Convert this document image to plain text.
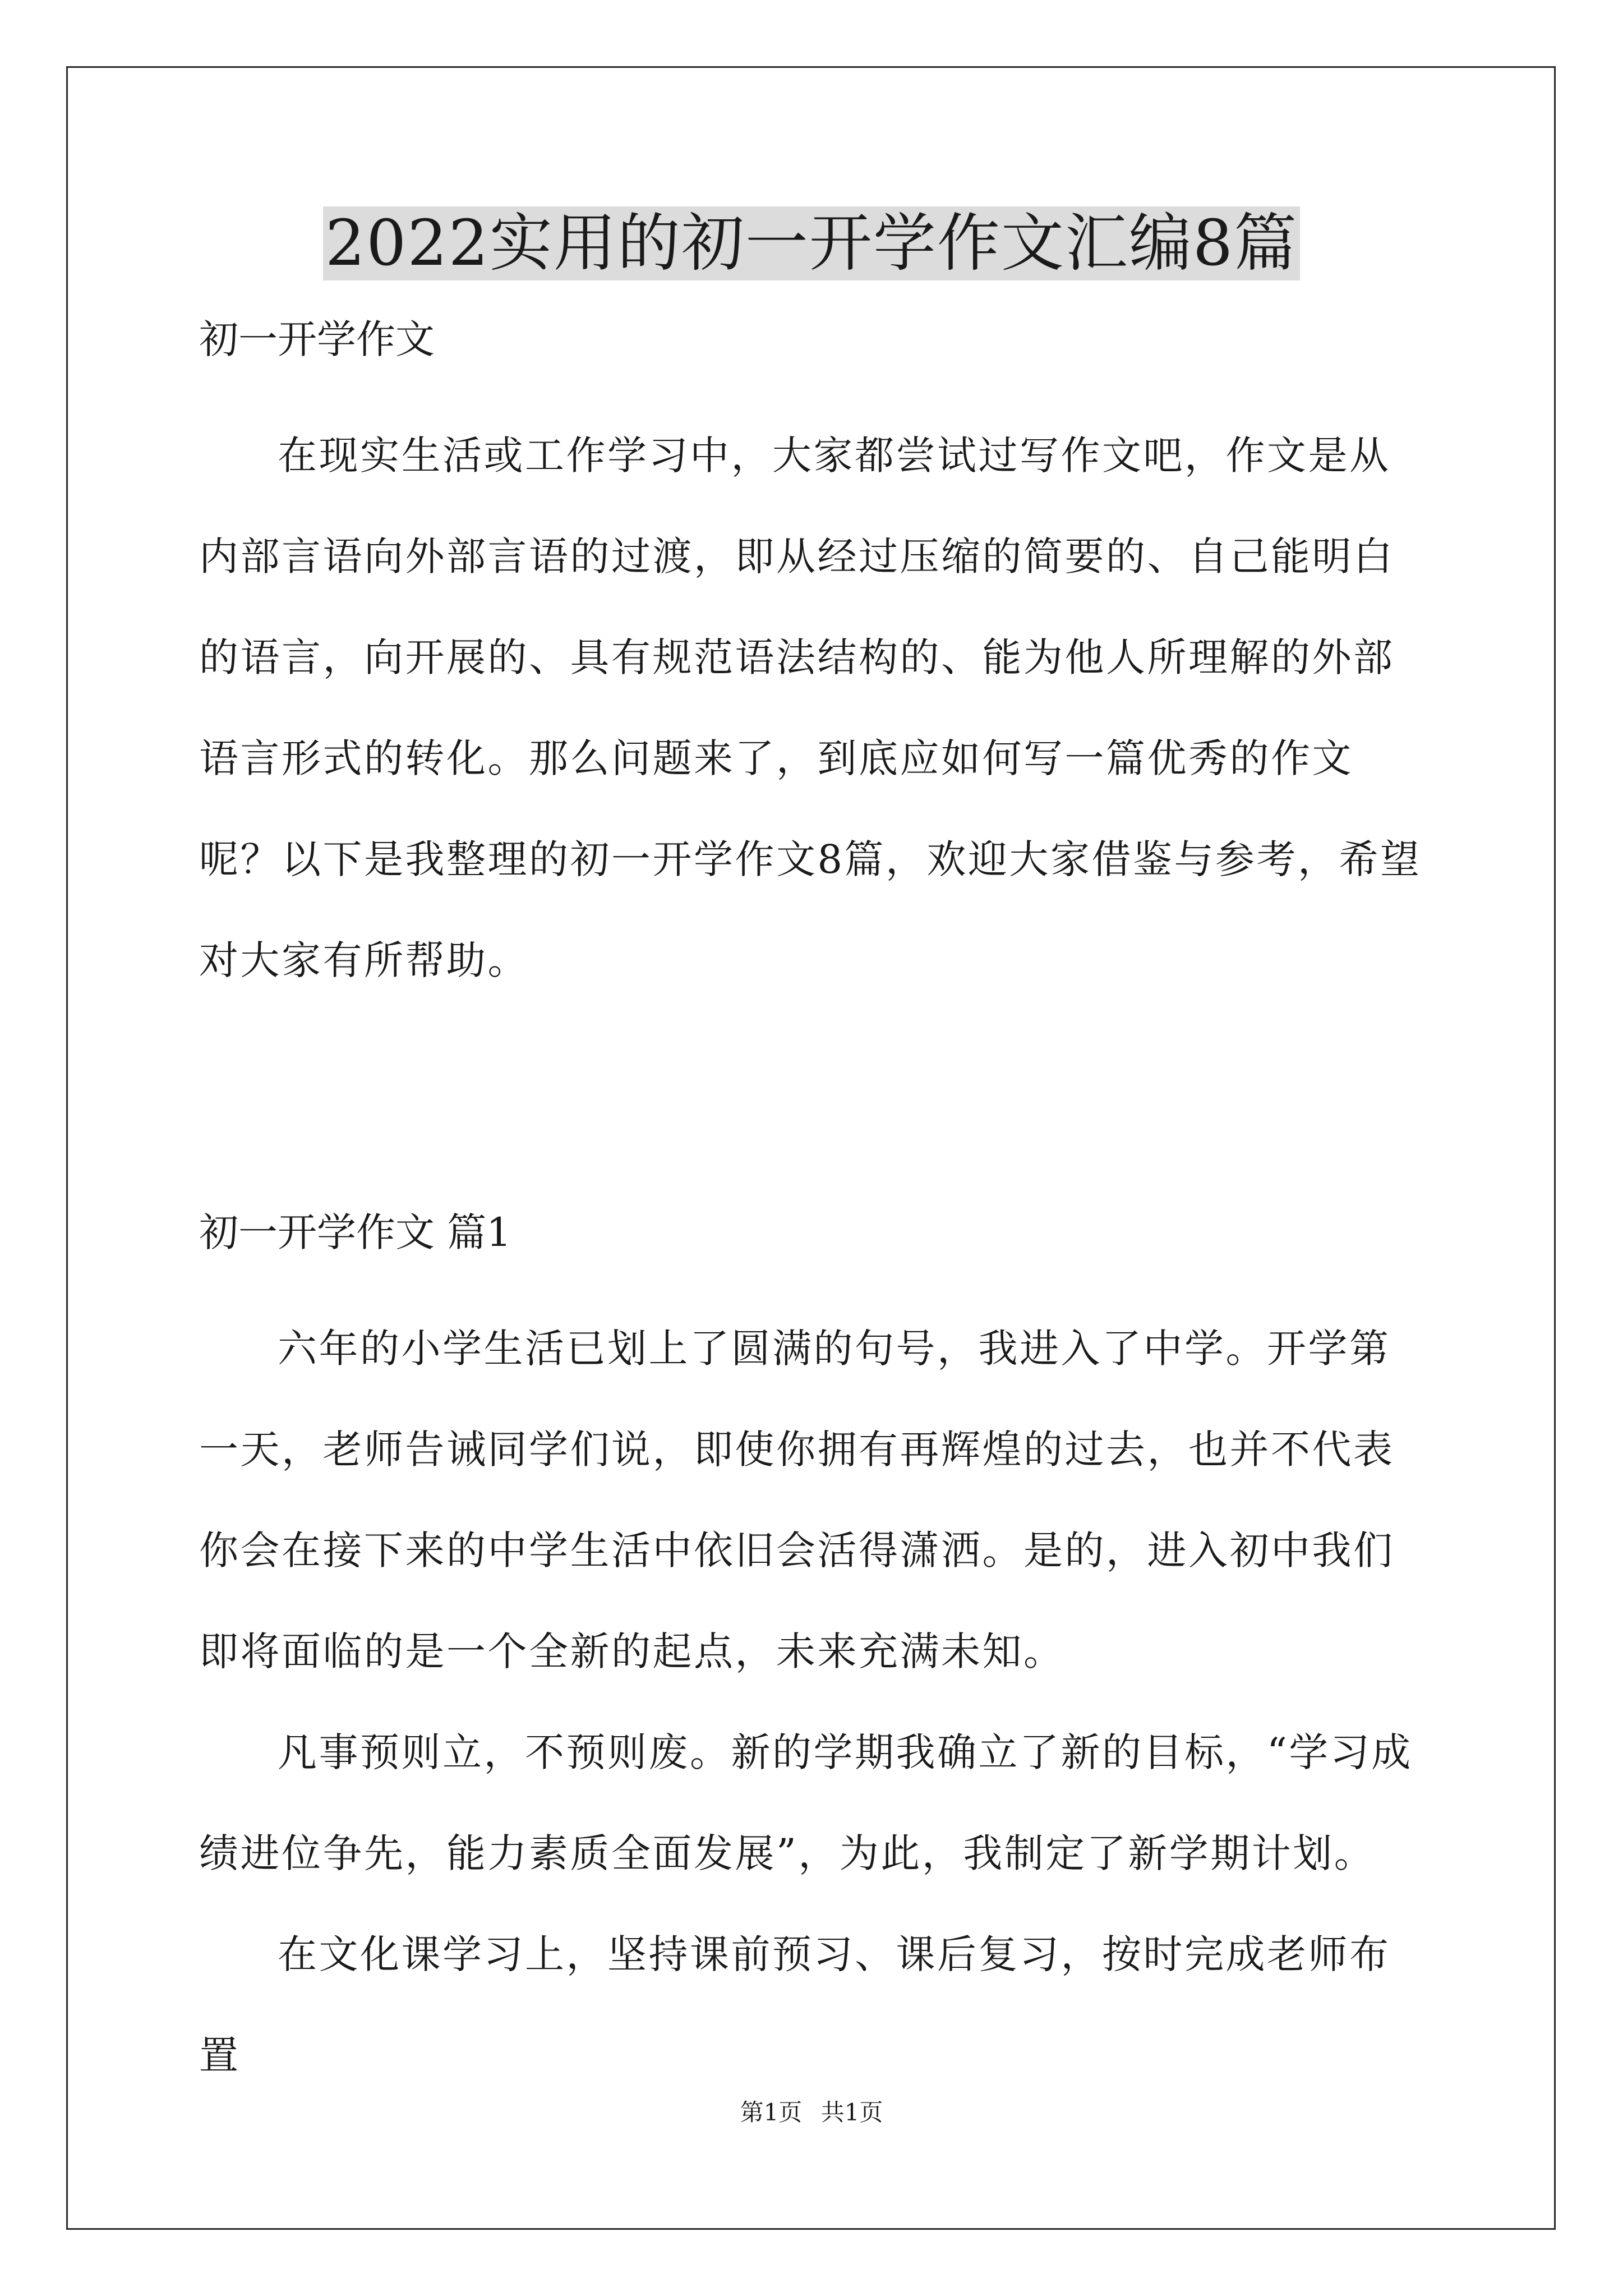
2022实用的初一开学作文汇编8篇

初一开学作文

在现实生活或工作学习中，大家都尝试过写作文吧，作文是从内部言语向外部言语的过渡，即从经过压缩的简要的、自己能明白的语言，向开展的、具有规范语法结构的、能为他人所理解的外部语言形式的转化。那么问题来了，到底应如何写一篇优秀的作文呢？以下是我整理的初一开学作文8篇，欢迎大家借鉴与参考，希望对大家有所帮助。

初一开学作文 篇1

六年的小学生活已划上了圆满的句号，我进入了中学。开学第一天，老师告诫同学们说，即使你拥有再辉煌的过去，也并不代表你会在接下来的中学生活中依旧会活得潇洒。是的，进入初中我们即将面临的是一个全新的起点，未来充满未知。

凡事预则立，不预则废。新的学期我确立了新的目标，“学习成绩进位争先，能力素质全面发展”，为此，我制定了新学期计划。

在文化课学习上，坚持课前预习、课后复习，按时完成老师布置

第1页 共1页
